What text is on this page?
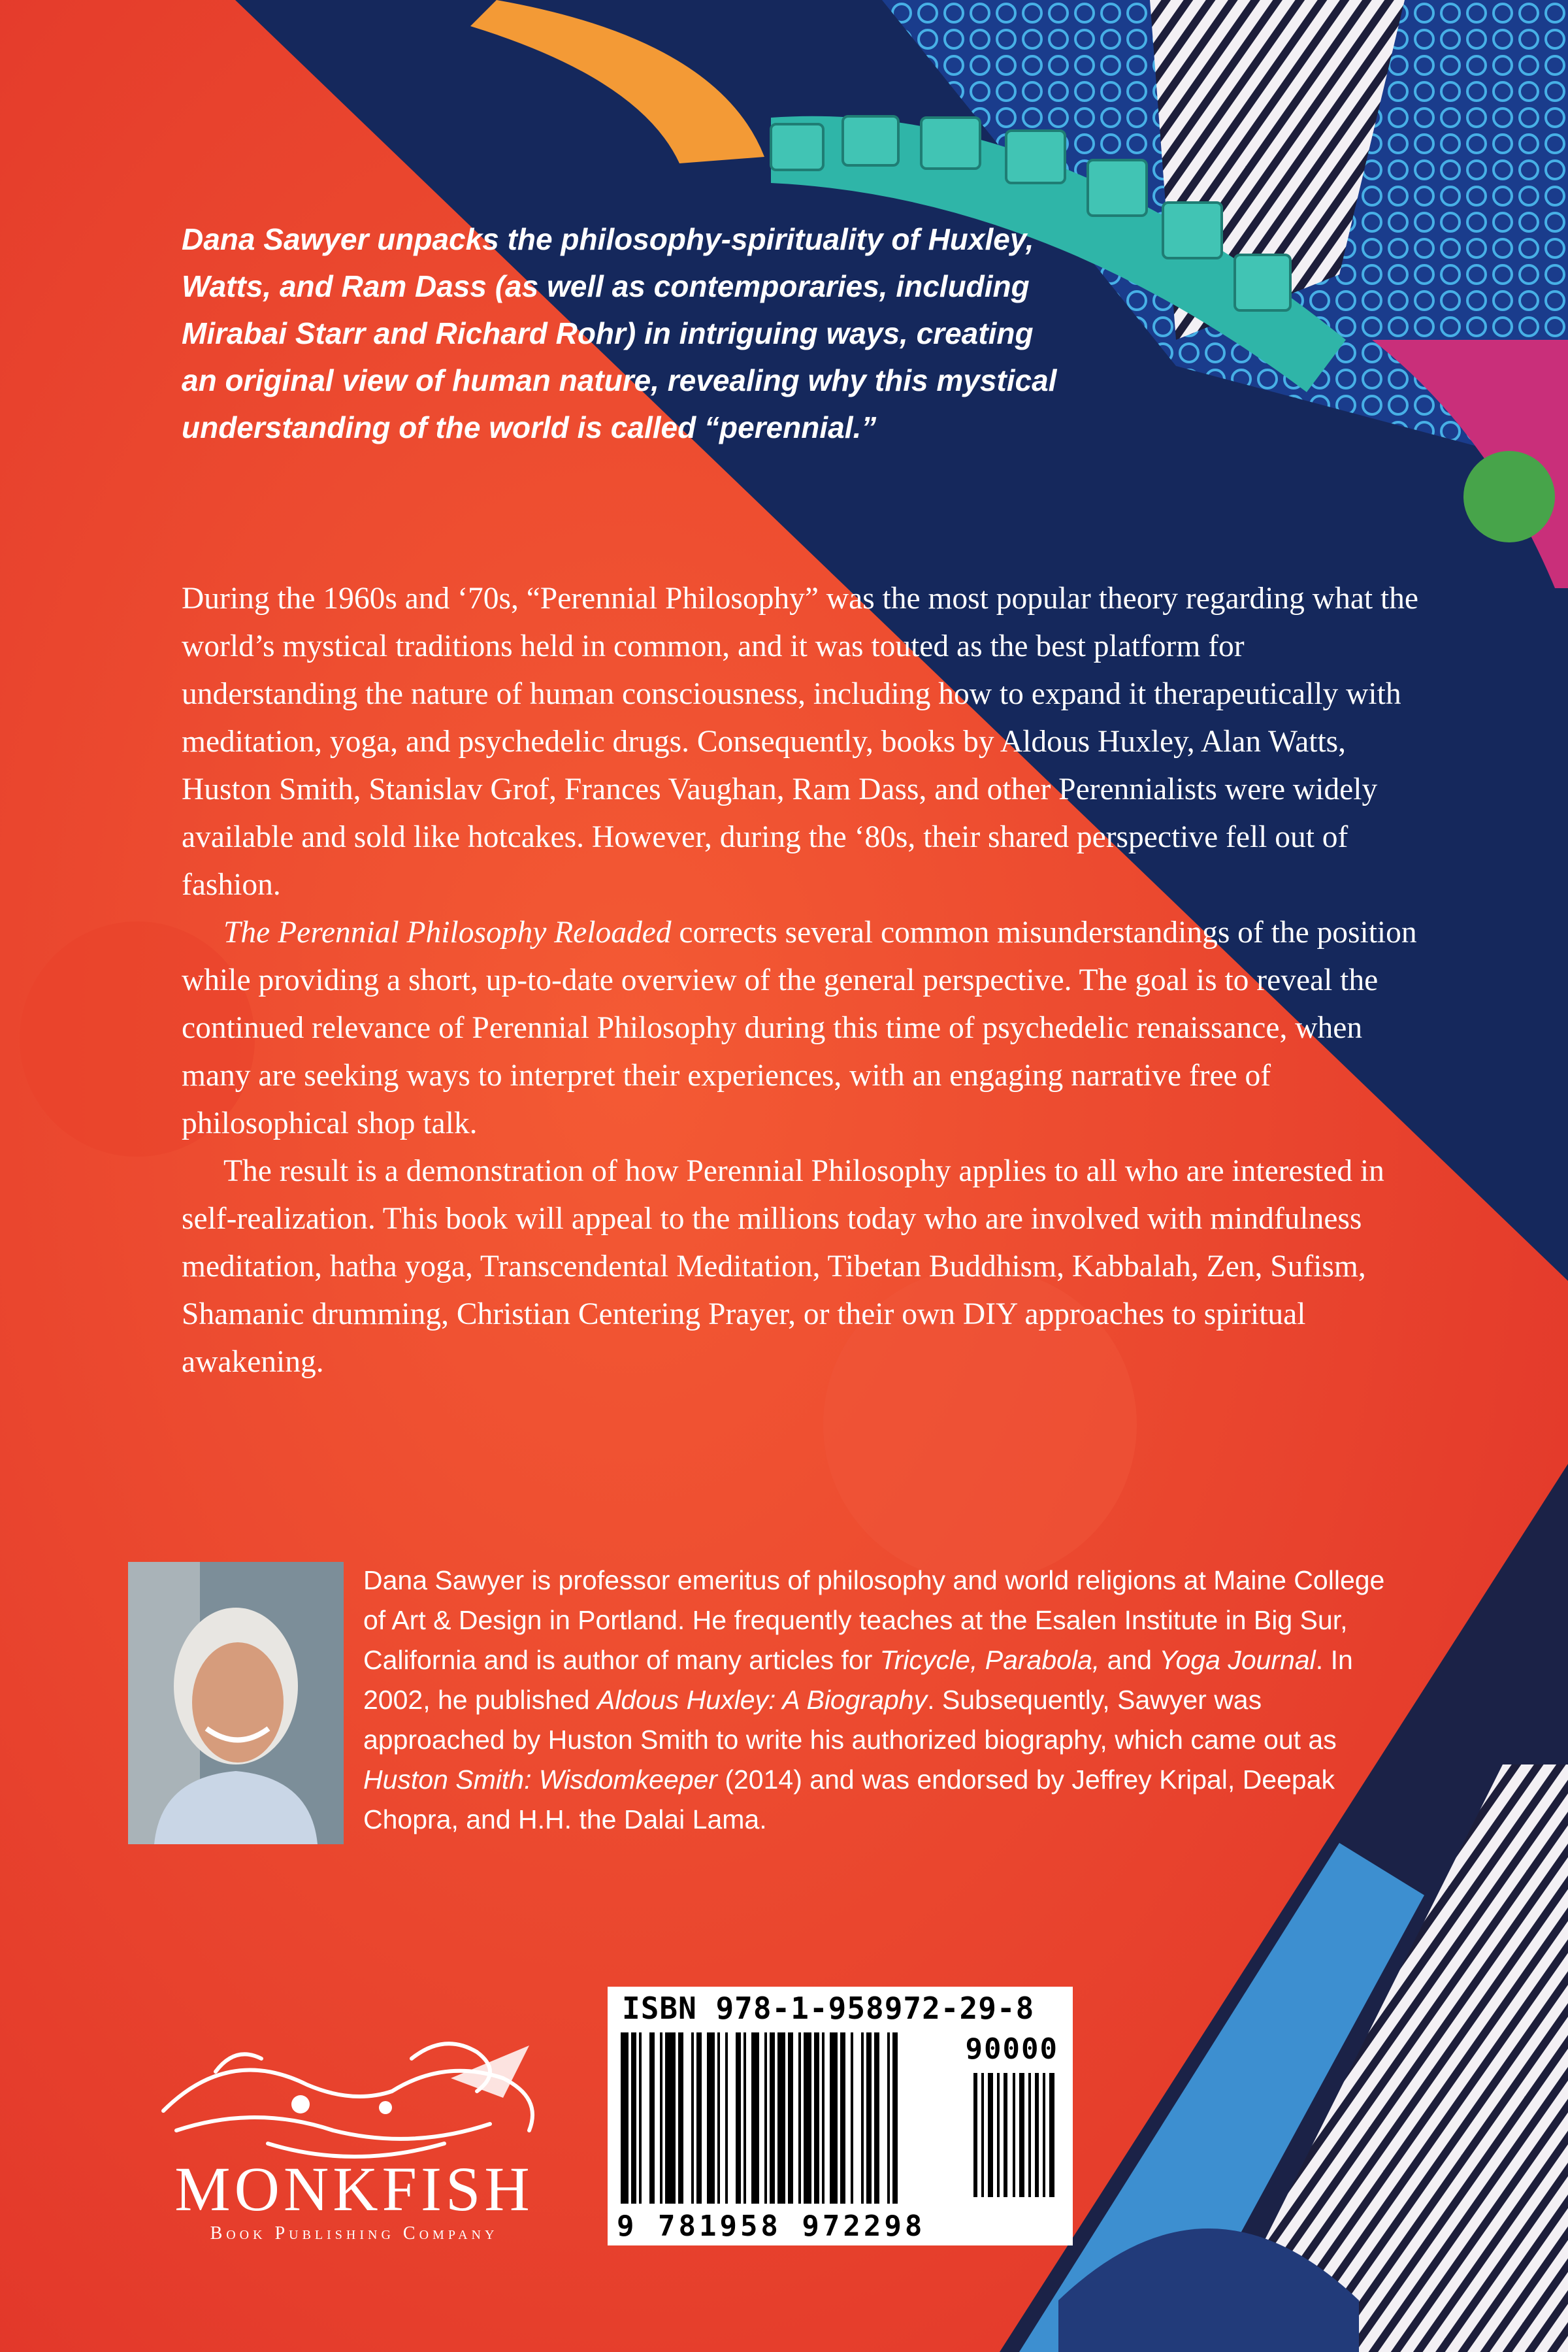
Dana Sawyer unpacks the philosophy-spirituality of Huxley, Watts, and Ram Dass (as well as contemporaries, including Mirabai Starr and Richard Rohr) in intriguing ways, creating an original view of human nature, revealing why this mystical understanding of the world is called “perennial.”

During the 1960s and ‘70s, “Perennial Philosophy” was the most popular theory regarding what the world’s mystical traditions held in common, and it was touted as the best platform for understanding the nature of human consciousness, including how to expand it therapeutically with meditation, yoga, and psychedelic drugs. Consequently, books by Aldous Huxley, Alan Watts, Huston Smith, Stanislav Grof, Frances Vaughan, Ram Dass, and other Perennialists were widely available and sold like hotcakes. However, during the ‘80s, their shared perspective fell out of fashion.

The Perennial Philosophy Reloaded corrects several common misunderstandings of the position while providing a short, up-to-date overview of the general perspective. The goal is to reveal the continued relevance of Perennial Philosophy during this time of psychedelic renaissance, when many are seeking ways to interpret their experiences, with an engaging narrative free of philosophical shop talk.

The result is a demonstration of how Perennial Philosophy applies to all who are interested in self-realization. This book will appeal to the millions today who are involved with mindfulness meditation, hatha yoga, Transcendental Meditation, Tibetan Buddhism, Kabbalah, Zen, Sufism, Shamanic drumming, Christian Centering Prayer, or their own DIY approaches to spiritual awakening.

Dana Sawyer is professor emeritus of philosophy and world religions at Maine College of Art & Design in Portland. He frequently teaches at the Esalen Institute in Big Sur, California and is author of many articles for Tricycle, Parabola, and Yoga Journal. In 2002, he published Aldous Huxley: A Biography. Subsequently, Sawyer was approached by Huston Smith to write his authorized biography, which came out as Huston Smith: Wisdomkeeper (2014) and was endorsed by Jeffrey Kripal, Deepak Chopra, and H.H. the Dalai Lama.
MONKFISH
Book Publishing Company
ISBN 978-1-958972-29-8
90000
9 781958 972298
